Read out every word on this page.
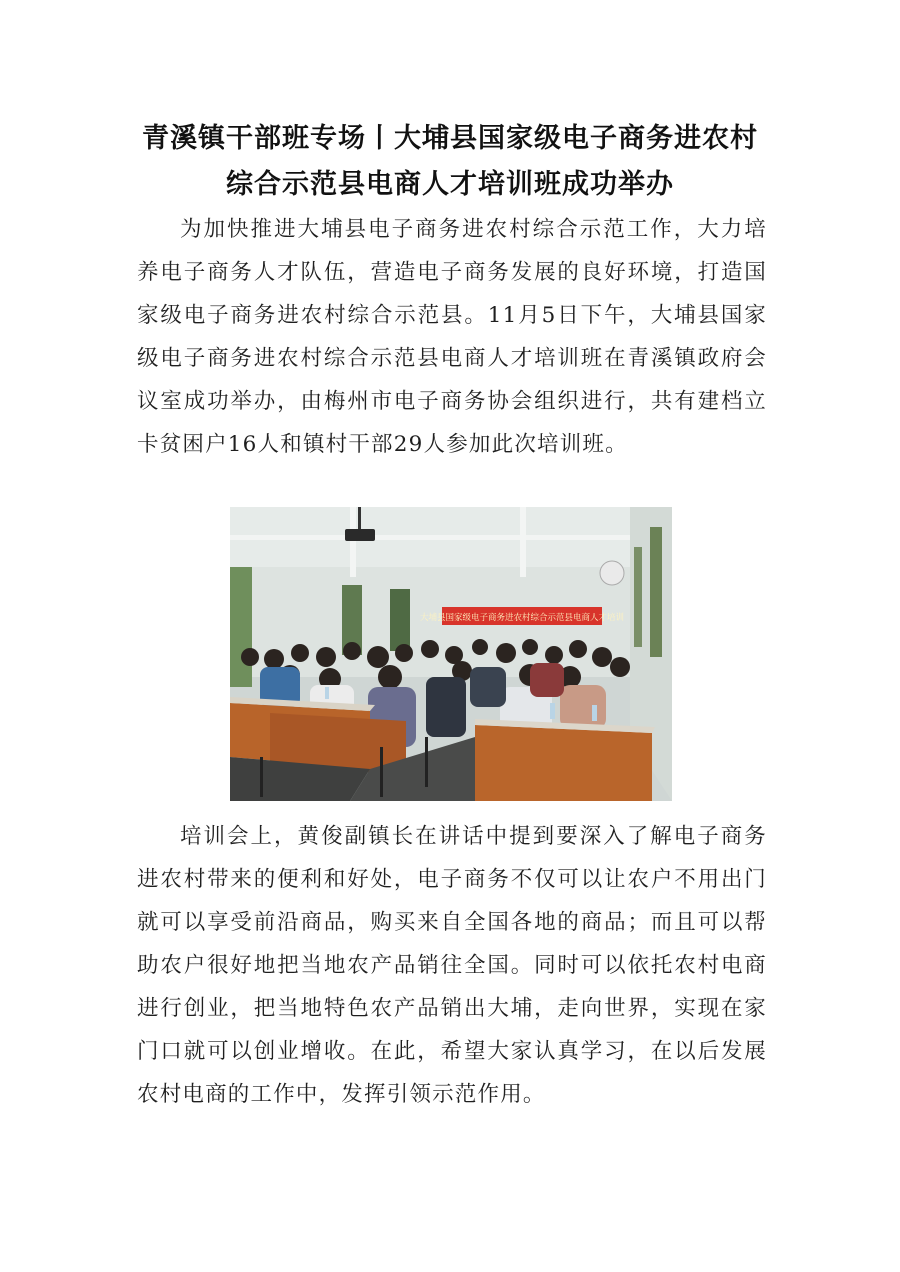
青溪镇干部班专场丨大埔县国家级电子商务进农村
综合示范县电商人才培训班成功举办

为加快推进大埔县电子商务进农村综合示范工作，大力培养电子商务人才队伍，营造电子商务发展的良好环境，打造国家级电子商务进农村综合示范县。11月5日下午，大埔县国家级电子商务进农村综合示范县电商人才培训班在青溪镇政府会议室成功举办，由梅州市电子商务协会组织进行，共有建档立卡贫困户16人和镇村干部29人参加此次培训班。

大埔县国家级电子商务进农村综合示范县电商人才培训

培训会上，黄俊副镇长在讲话中提到要深入了解电子商务进农村带来的便利和好处，电子商务不仅可以让农户不用出门就可以享受前沿商品，购买来自全国各地的商品；而且可以帮助农户很好地把当地农产品销往全国。同时可以依托农村电商进行创业，把当地特色农产品销出大埔，走向世界，实现在家门口就可以创业增收。在此，希望大家认真学习，在以后发展农村电商的工作中，发挥引领示范作用。
